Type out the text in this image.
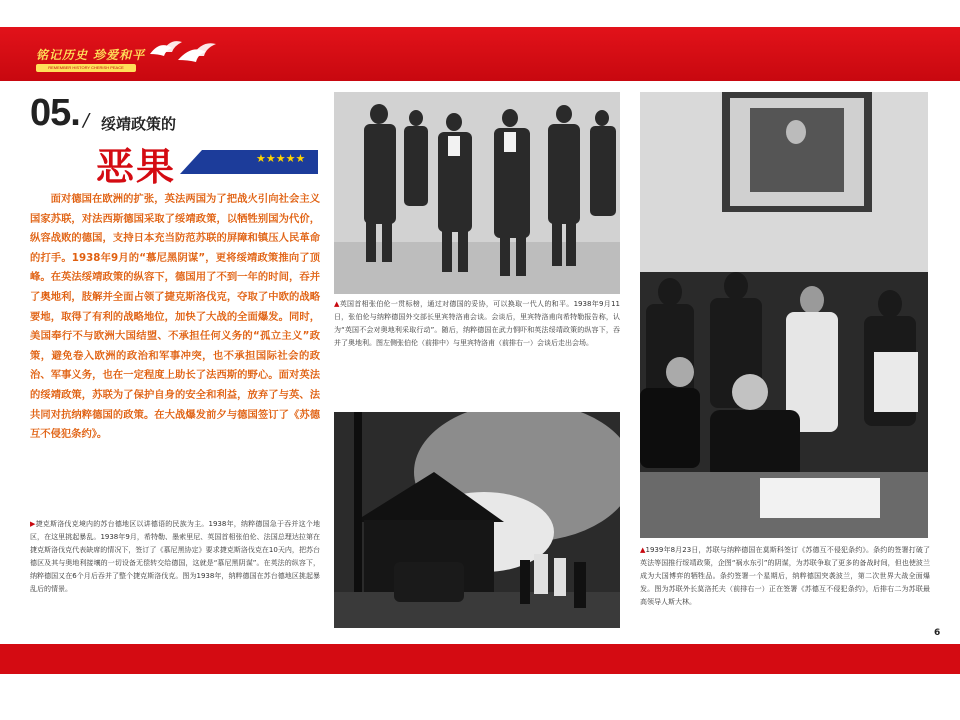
铭记历史 珍爱和平
REMEMBER HISTORY CHERISH PEACE
05. / 绥靖政策的
恶果	★★★★★

面对德国在欧洲的扩张，英法两国为了把战火引向社会主义国家苏联，对法西斯德国采取了绥靖政策，以牺牲别国为代价，纵容战败的德国，支持日本充当防范苏联的屏障和镇压人民革命的打手。1938年9月的“慕尼黑阴谋”，更将绥靖政策推向了顶峰。在英法绥靖政策的纵容下，德国用了不到一年的时间，吞并了奥地利，肢解并全面占领了捷克斯洛伐克，夺取了中欧的战略要地，取得了有利的战略地位，加快了大战的全面爆发。同时，美国奉行不与欧洲大国结盟、不承担任何义务的“孤立主义”政策，避免卷入欧洲的政治和军事冲突，也不承担国际社会的政治、军事义务，也在一定程度上助长了法西斯的野心。面对英法的绥靖政策，苏联为了保护自身的安全和利益，放弃了与英、法共同对抗纳粹德国的政策。在大战爆发前夕与德国签订了《苏德互不侵犯条约》。

▲英国首相张伯伦一贯标榜，通过对德国的妥协，可以换取一代人的和平。1938年9月11日，张伯伦与纳粹德国外交部长里宾特洛甫会谈。会谈后，里宾特洛甫向希特勒报告称，认为“英国不会对奥地利采取行动”。随后，纳粹德国在武力恫吓和英法绥靖政策的纵容下，吞并了奥地利。图左侧张伯伦（前排中）与里宾特洛甫（前排右一）会谈后走出会场。

▶捷克斯洛伐克境内的苏台德地区以讲德语的民族为主。1938年，纳粹德国急于吞并这个地区，在这里挑起暴乱。1938年9月，希特勒、墨索里尼、英国首相张伯伦、法国总理达拉第在捷克斯洛伐克代表缺席的情况下，签订了《慕尼黑协定》要求捷克斯洛伐克在10天内，把苏台德区及其与奥地利接壤的一切设备无偿转交给德国，这就是“慕尼黑阴谋”。在英法的纵容下，纳粹德国又在6个月后吞并了整个捷克斯洛伐克。图为1938年，纳粹德国在苏台德地区挑起暴乱后的情景。

▲1939年8月23日，苏联与纳粹德国在莫斯科签订《苏德互不侵犯条约》。条约的签署打破了英法等国推行绥靖政策，企图“祸水东引”的阴谋，为苏联争取了更多的备战时间，但也使波兰成为大国博弈的牺牲品。条约签署一个星期后，纳粹德国突袭波兰，第二次世界大战全面爆发。图为苏联外长莫洛托夫（前排右一）正在签署《苏德互不侵犯条约》，后排右二为苏联最高领导人斯大林。

6
